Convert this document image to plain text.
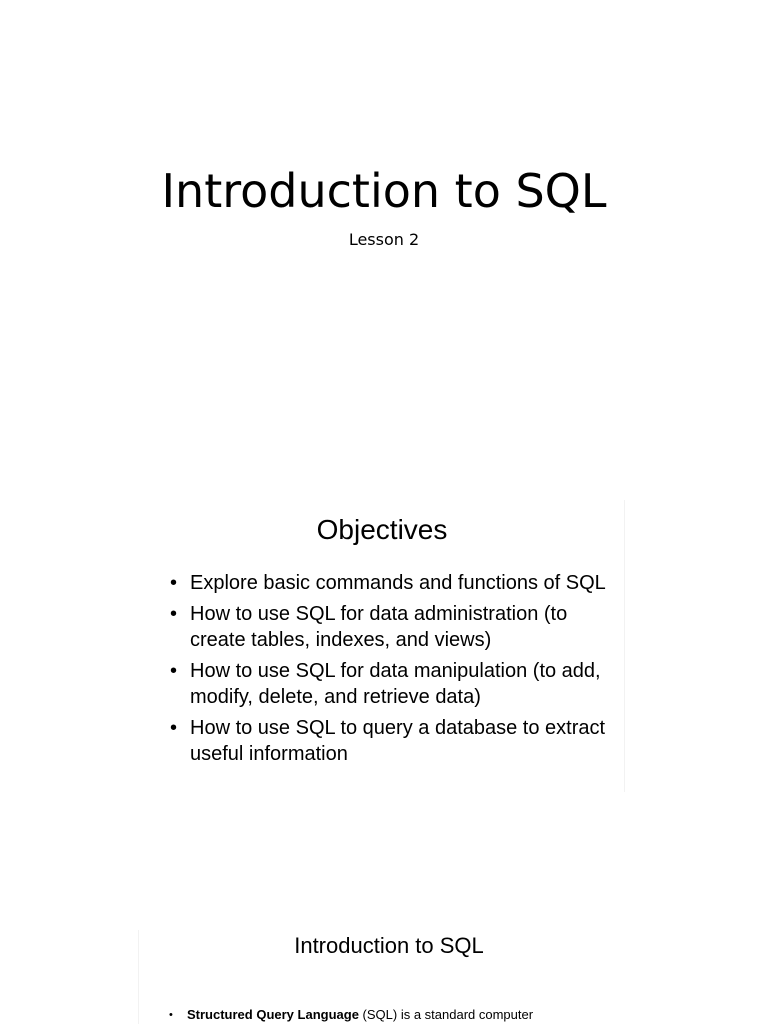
Introduction to SQL
Lesson 2
Objectives
• Explore basic commands and functions of SQL
• How to use SQL for data administration (to create tables, indexes, and views)
• How to use SQL for data manipulation (to add, modify, delete, and retrieve data)
• How to use SQL to query a database to extract useful information
Introduction to SQL
• Structured Query Language (SQL) is a standard computer
